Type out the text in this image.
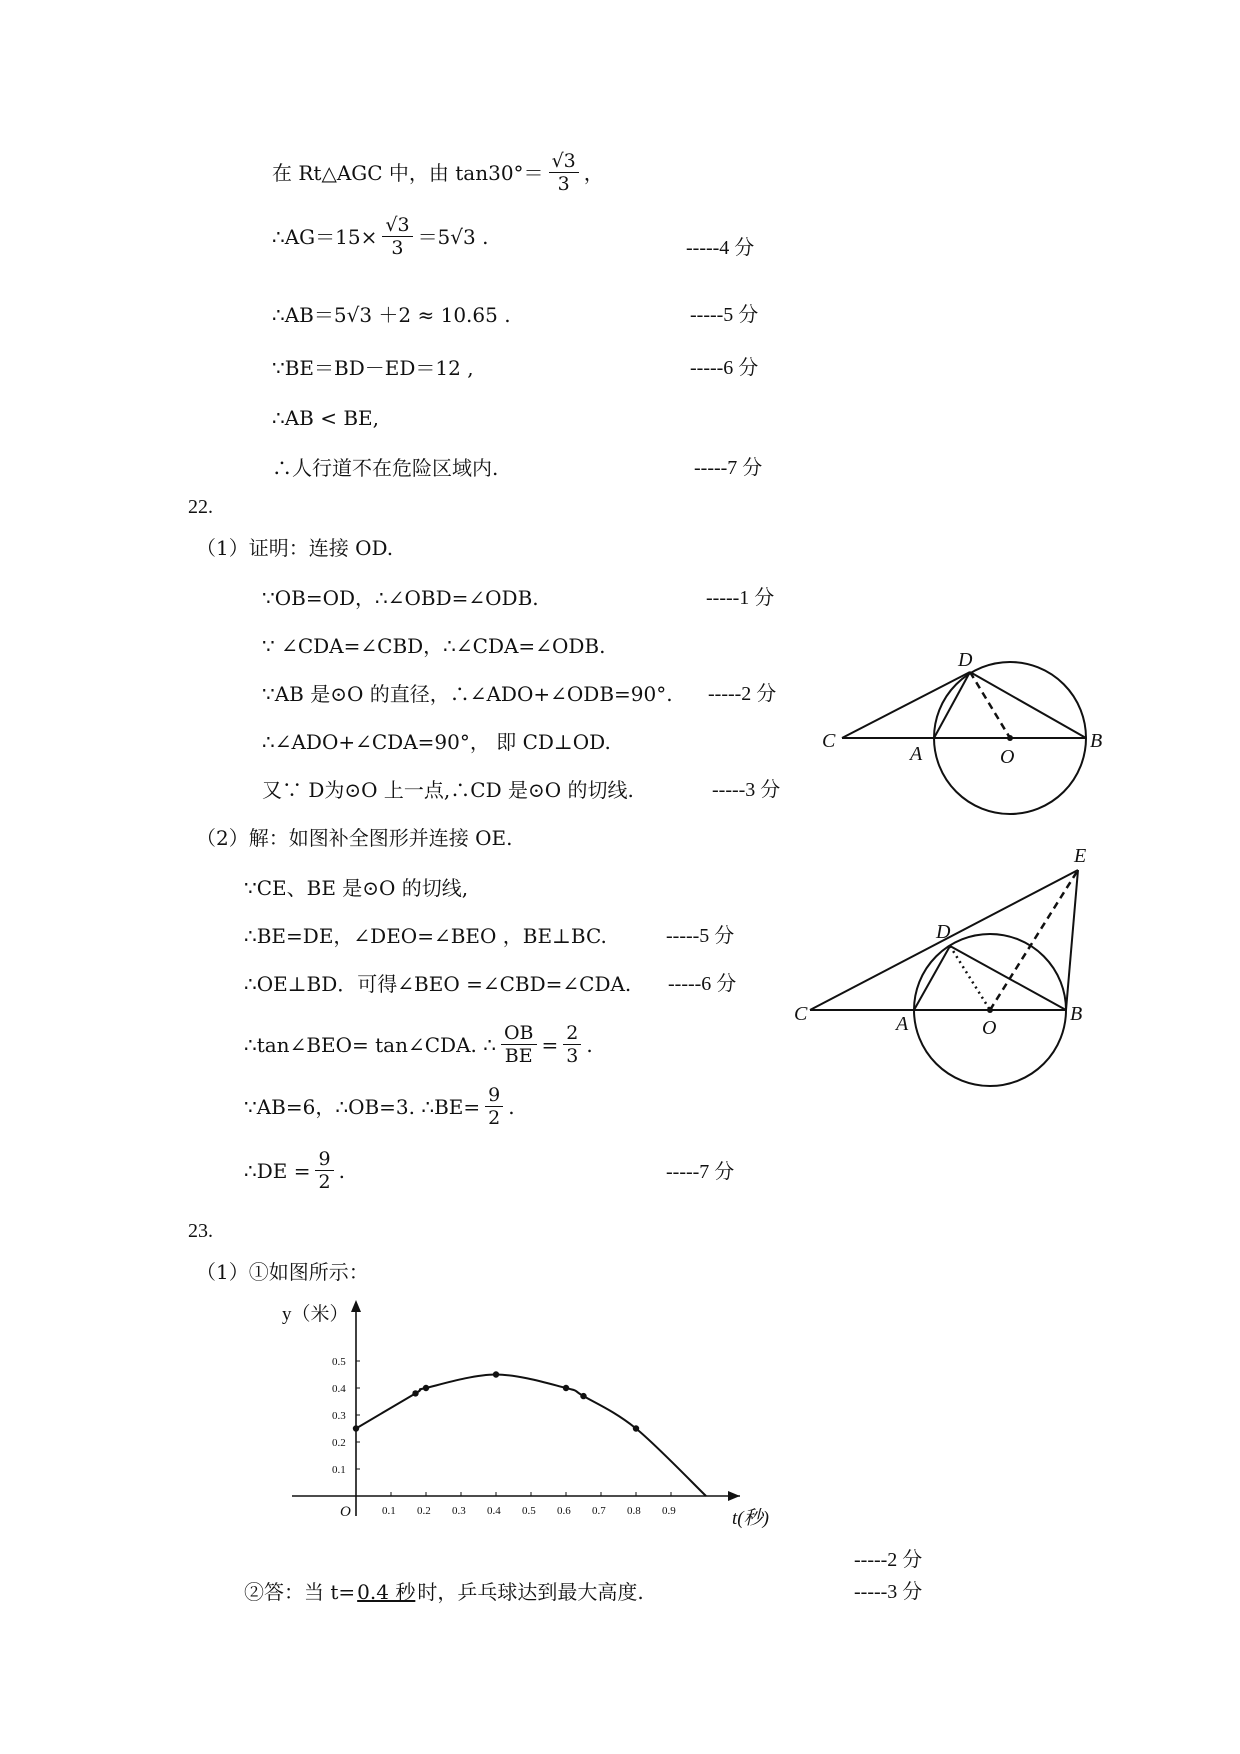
在 Rt△AGC 中，由 $\tan 30^\circ= \frac{√3}{3}$ ，
∴AG＝15× $\frac{√3}{3} =5√3$ .	-----4 分
∴AB＝5√3 ＋2 ≈ 10.65 .	-----5 分
∵BE＝BD－ED＝12 ,	-----6 分
∴AB < BE,
∴人行道不在危险区域内.	-----7 分
22.
（1）证明：连接 OD.
∵OB=OD，∴∠OBD=∠ODB.	-----1 分
∵ ∠CDA=∠CBD，∴∠CDA=∠ODB.
∵AB 是⊙O 的直径，∴∠ADO+∠ODB=90°. -----2 分
∴∠ADO+∠CDA=90°， 即 CD⊥OD.
又∵ D为⊙O 上一点,∴CD 是⊙O 的切线.	-----3 分
C
A	O
B
D
（2）解：如图补全图形并连接 OE.
∵CE、BE 是⊙O 的切线,
∴BE=DE，∠DEO=∠BEO ，BE⊥BC.	-----5 分
∴OE⊥BD．可得∠BEO =∠CBD=∠CDA. -----6 分
∴tan∠BEO= tan∠CDA. ∴ $\frac{OB}{BE} = \frac{2}{3}$ .
∵AB=6，∴OB=3. ∴BE= $\frac{9}{2}$ .
∴DE = $\frac{9}{2}$ .	-----7 分
C	A	O
B
D
E
23.
（1）①如图所示：
y（米）
t(秒)
O	0.1 0.2 0.3 0.4 0.5 0.6 0.7 0.8 0.9
0.1
0.2
0.3
0.4
0.5
-----2 分
②答：当 t= 0.4 秒 时，乒乓球达到最大高度.	-----3 分
